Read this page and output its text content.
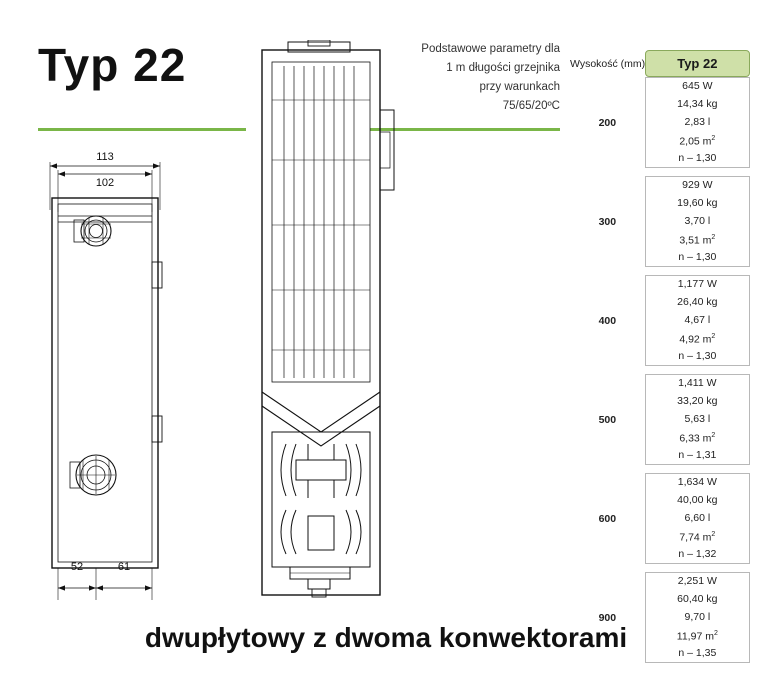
Typ 22	Podstawowe parametry dla
1 m długości grzejnika
przy warunkach
75/65/20ºC
113
102
52	61
Wysokość (mm)	Typ 22

200	645 W
	14,34 kg
	2,83 l
	2,05 $m^2$
	n – 1,30

300	929 W
	19,60 kg
	3,70 l
	3,51 $m^2$
	n – 1,30

400	1,177 W
	26,40 kg
	4,67 l
	4,92 $m^2$
	n – 1,30

500	1,411 W
	33,20 kg
	5,63 l
	6,33 $m^2$
	n – 1,31

600	1,634 W
	40,00 kg
	6,60 l
	7,74 $m^2$
	n – 1,32

900	2,251 W
	60,40 kg
	9,70 l
	11,97 $m^2$
	n – 1,35
dwupłytowy z dwoma konwektorami
